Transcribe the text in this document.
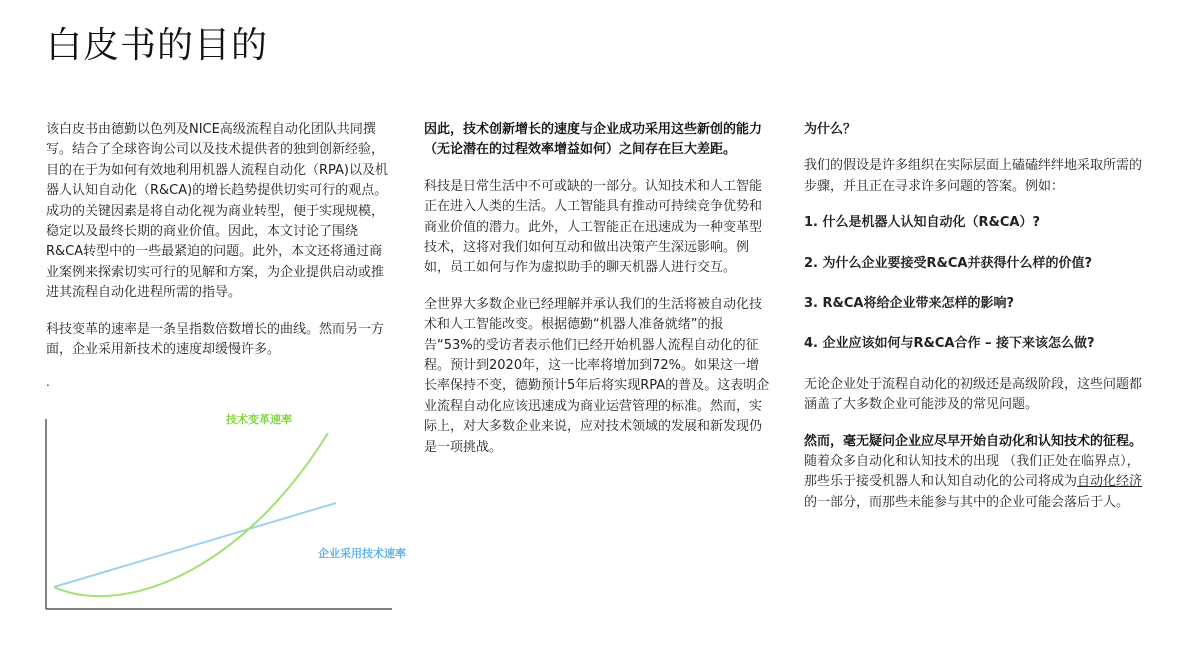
白皮书的目的

该白皮书由德勤以色列及NICE高级流程自动化团队共同撰写。结合了全球咨询公司以及技术提供者的独到创新经验，目的在于为如何有效地利用机器人流程自动化（RPA)以及机器人认知自动化（R&CA)的增长趋势提供切实可行的观点。成功的关键因素是将自动化视为商业转型，便于实现规模，稳定以及最终长期的商业价值。因此，本文讨论了围绕R&CA转型中的一些最紧迫的问题。此外，本文还将通过商业案例来探索切实可行的见解和方案，为企业提供启动或推进其流程自动化进程所需的指导。

科技变革的速率是一条呈指数倍数增长的曲线。然而另一方面，企业采用新技术的速度却缓慢许多。

.

技术变革速率
企业采用技术速率

因此，技术创新增长的速度与企业成功采用这些新创的能力（无论潜在的过程效率增益如何）之间存在巨大差距。

科技是日常生活中不可或缺的一部分。认知技术和人工智能正在进入人类的生活。人工智能具有推动可持续竞争优势和商业价值的潜力。此外，人工智能正在迅速成为一种变革型技术，这将对我们如何互动和做出决策产生深远影响。例如，员工如何与作为虚拟助手的聊天机器人进行交互。

全世界大多数企业已经理解并承认我们的生活将被自动化技术和人工智能改变。根据德勤“机器人准备就绪”的报告“53%的受访者表示他们已经开始机器人流程自动化的征程。预计到2020年，这一比率将增加到72%。如果这一增长率保持不变，德勤预计5年后将实现RPA的普及。这表明企业流程自动化应该迅速成为商业运营管理的标准。然而，实际上，对大多数企业来说，应对技术领域的发展和新发现仍是一项挑战。

为什么？

我们的假设是许多组织在实际层面上磕磕绊绊地采取所需的步骤，并且正在寻求许多问题的答案。例如：

1. 什么是机器人认知自动化（R&CA）?
2. 为什么企业要接受R&CA并获得什么样的价值?
3. R&CA将给企业带来怎样的影响?
4. 企业应该如何与R&CA合作 – 接下来该怎么做?

无论企业处于流程自动化的初级还是高级阶段，这些问题都涵盖了大多数企业可能涉及的常见问题。

然而，毫无疑问企业应尽早开始自动化和认知技术的征程。随着众多自动化和认知技术的出现 （我们正处在临界点），那些乐于接受机器人和认知自动化的公司将成为自动化经济的一部分，而那些未能参与其中的企业可能会落后于人。
